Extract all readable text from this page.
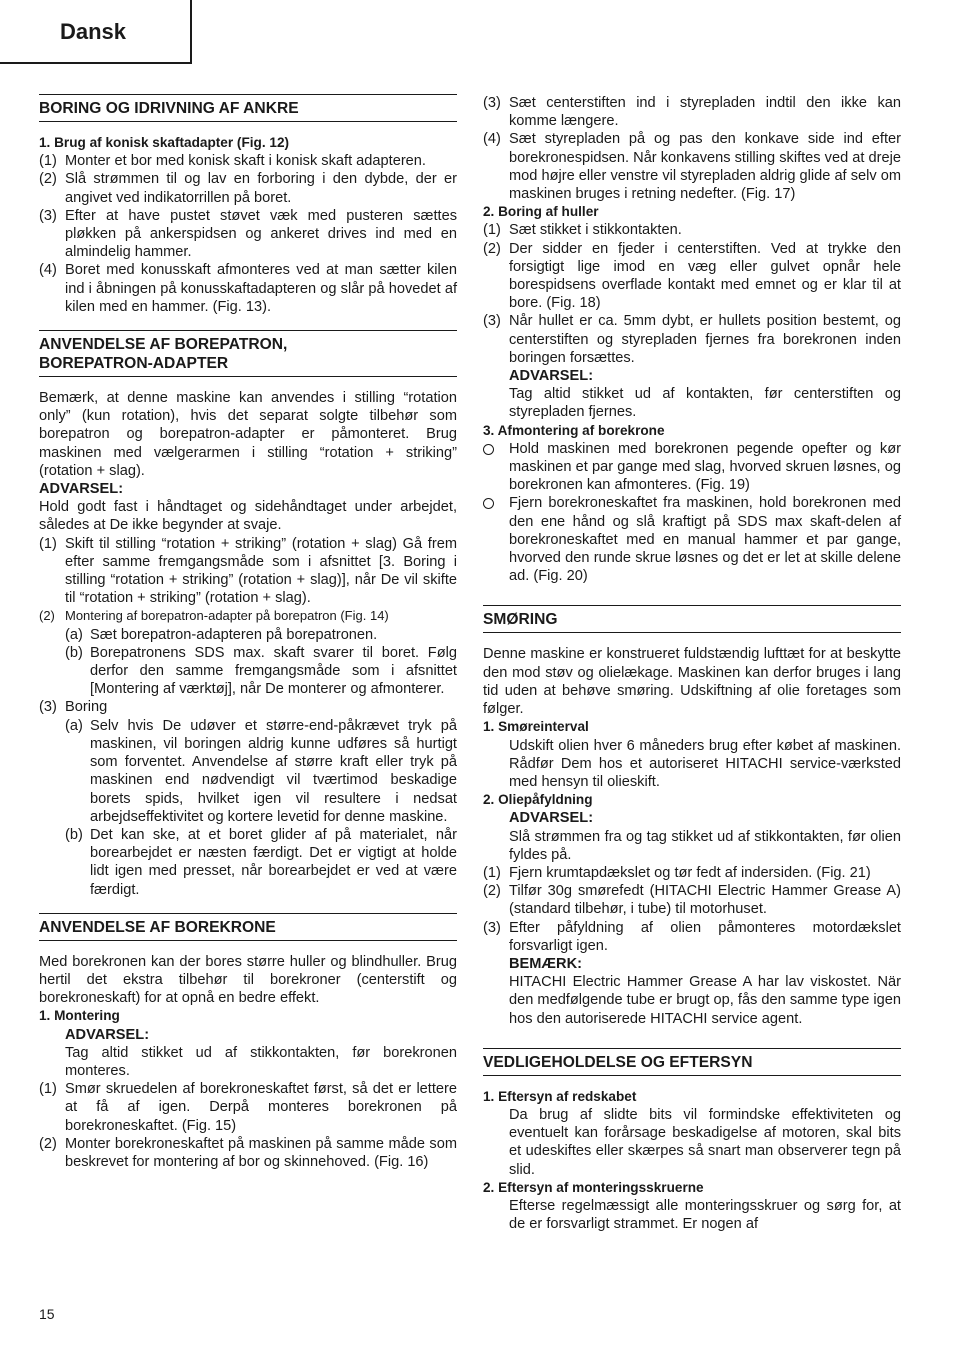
Dansk
BORING OG IDRIVNING AF ANKRE

1. Brug af konisk skaftadapter (Fig. 12)

(1) Monter et bor med konisk skaft i konisk skaft adapteren.
(2) Slå strømmen til og lav en forboring i den dybde, der er angivet ved indikatorrillen på boret.
(3) Efter at have pustet støvet væk med pusteren sættes pløkken på ankerspidsen og ankeret drives ind med en almindelig hammer.
(4) Boret med konusskaft afmonteres ved at man sætter kilen ind i åbningen på konusskaftadapteren og slår på hovedet af kilen med en hammer. (Fig. 13).
ANVENDELSE AF BOREPATRON,
BOREPATRON-ADAPTER

Bemærk, at denne maskine kan anvendes i stilling “rotation only” (kun rotation), hvis det separat solgte tilbehør som borepatron og borepatron-adapter er påmonteret. Brug maskinen med vælgerarmen i stilling “rotation + striking” (rotation + slag).

ADVARSEL:

Hold godt fast i håndtaget og sidehåndtaget under arbejdet, således at De ikke begynder at svaje.

(1) Skift til stilling “rotation + striking” (rotation + slag) Gå frem efter samme fremgangsmåde som i afsnittet [3. Boring i stilling “rotation + striking” (rotation + slag)], når De vil skifte til “rotation + striking” (rotation + slag).
(2) Montering af borepatron-adapter på borepatron (Fig. 14)
(a) Sæt borepatron-adapteren på borepatronen.
(b) Borepatronens SDS max. skaft svarer til boret. Følg derfor den samme fremgangsmåde som i afsnittet [Montering af værktøj], når De monterer og afmonterer.
(3) Boring
(a) Selv hvis De udøver et større-end-påkrævet tryk på maskinen, vil boringen aldrig kunne udføres så hurtigt som forventet. Anvendelse af større kraft eller tryk på maskinen end nødvendigt vil tværtimod beskadige borets spids, hvilket igen vil resultere i nedsat arbejdseffektivitet og kortere levetid for denne maskine.
(b) Det kan ske, at et boret glider af på materialet, når borearbejdet er næsten færdigt. Det er vigtigt at holde lidt igen med presset, når borearbejdet er ved at være færdigt.
ANVENDELSE AF BOREKRONE

Med borekronen kan der bores større huller og blindhuller. Brug hertil det ekstra tilbehør til borekroner (centerstift og borekroneskaft) for at opnå en bedre effekt.

1. Montering

ADVARSEL:

Tag altid stikket ud af stikkontakten, før borekronen monteres.

(1) Smør skruedelen af borekroneskaftet først, så det er lettere at få af igen. Derpå monteres borekronen på borekroneskaftet. (Fig. 15)
(2) Monter borekroneskaftet på maskinen på samme måde som beskrevet for montering af bor og skinnehoved. (Fig. 16)
(3) Sæt centerstiften ind i styrepladen indtil den ikke kan komme længere.
(4) Sæt styrepladen på og pas den konkave side ind efter borekronespidsen. Når konkavens stilling skiftes ved at dreje mod højre eller venstre vil styrepladen aldrig glide af selv om maskinen bruges i retning nedefter. (Fig. 17)

2. Boring af huller

(1) Sæt stikket i stikkontakten.
(2) Der sidder en fjeder i centerstiften. Ved at trykke den forsigtigt lige imod en væg eller gulvet opnår hele borespidsens overflade kontakt med emnet og er klar til at bore. (Fig. 18)
(3) Når hullet er ca. 5mm dybt, er hullets position bestemt, og centerstiften og styrepladen fjernes fra borekronen inden boringen forsættes.

ADVARSEL:

Tag altid stikket ud af kontakten, før centerstiften og styrepladen fjernes.

3. Afmontering af borekrone

Hold maskinen med borekronen pegende opefter og kør maskinen et par gange med slag, hvorved skruen løsnes, og borekronen kan afmonteres. (Fig. 19)
Fjern borekroneskaftet fra maskinen, hold borekronen med den ene hånd og slå kraftigt på SDS max skaft-delen af borekroneskaftet med en manual hammer et par gange, hvorved den runde skrue løsnes og det er let at skille delene ad. (Fig. 20)
SMØRING

Denne maskine er konstrueret fuldstændig lufttæt for at beskytte den mod støv og olielækage. Maskinen kan derfor bruges i lang tid uden at behøve smøring. Udskiftning af olie foretages som følger.

1. Smøreinterval

Udskift olien hver 6 måneders brug efter købet af maskinen. Rådfør Dem hos et autoriseret HITACHI service-værksted med hensyn til olieskift.

2. Oliepåfyldning

ADVARSEL:

Slå strømmen fra og tag stikket ud af stikkontakten, før olien fyldes på.

(1) Fjern krumtapdækslet og tør fedt af indersiden. (Fig. 21)
(2) Tilfør 30g smørefedt (HITACHI Electric Hammer Grease A) (standard tilbehør, i tube) til motorhuset.
(3) Efter påfyldning af olien påmonteres motordækslet forsvarligt igen.

BEMÆRK:

HITACHI Electric Hammer Grease A har lav viskostet. När den medfølgende tube er brugt op, fås den samme type igen hos den autoriserede HITACHI service agent.

VEDLIGEHOLDELSE OG EFTERSYN

1. Eftersyn af redskabet

Da brug af slidte bits vil formindske effektiviteten og eventuelt kan forårsage beskadigelse af motoren, skal bits et udeskiftes eller skærpes så snart man observerer tegn på slid.

2. Eftersyn af monteringsskruerne

Efterse regelmæssigt alle monteringsskruer og sørg for, at de er forsvarligt strammet. Er nogen af

15
